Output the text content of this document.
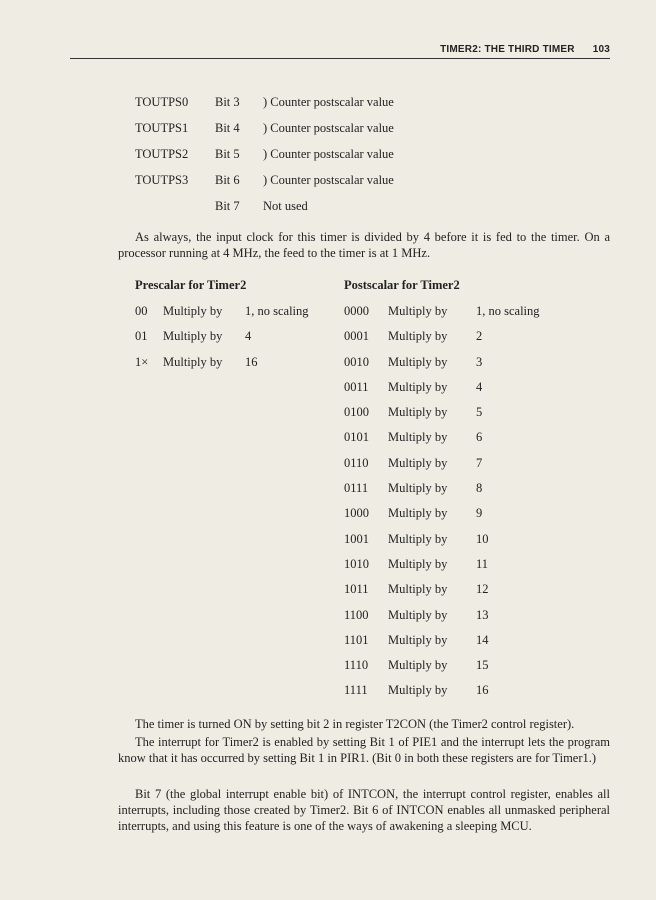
TIMER2: THE THIRD TIMER 103
TOUTPS0 Bit 3 ) Counter postscalar value
TOUTPS1 Bit 4 ) Counter postscalar value
TOUTPS2 Bit 5 ) Counter postscalar value
TOUTPS3 Bit 6 ) Counter postscalar value
    Bit 7 Not used
As always, the input clock for this timer is divided by 4 before it is fed to the timer. On a processor running at 4 MHz, the feed to the timer is at 1 MHz.
Prescalar for Timer2
00 Multiply by 1, no scaling
01 Multiply by 4
1× Multiply by 16
Postscalar for Timer2
0000 Multiply by 1, no scaling
0001 Multiply by 2
0010 Multiply by 3
0011 Multiply by 4
0100 Multiply by 5
0101 Multiply by 6
0110 Multiply by 7
0111 Multiply by 8
1000 Multiply by 9
1001 Multiply by 10
1010 Multiply by 11
1011 Multiply by 12
1100 Multiply by 13
1101 Multiply by 14
1110 Multiply by 15
1111 Multiply by 16
The timer is turned ON by setting bit 2 in register T2CON (the Timer2 control register).
The interrupt for Timer2 is enabled by setting Bit 1 of PIE1 and the interrupt lets the program know that it has occurred by setting Bit 1 in PIR1. (Bit 0 in both these registers are for Timer1.)
Bit 7 (the global interrupt enable bit) of INTCON, the interrupt control register, enables all interrupts, including those created by Timer2. Bit 6 of INTCON enables all unmasked peripheral interrupts, and using this feature is one of the ways of awakening a sleeping MCU.
